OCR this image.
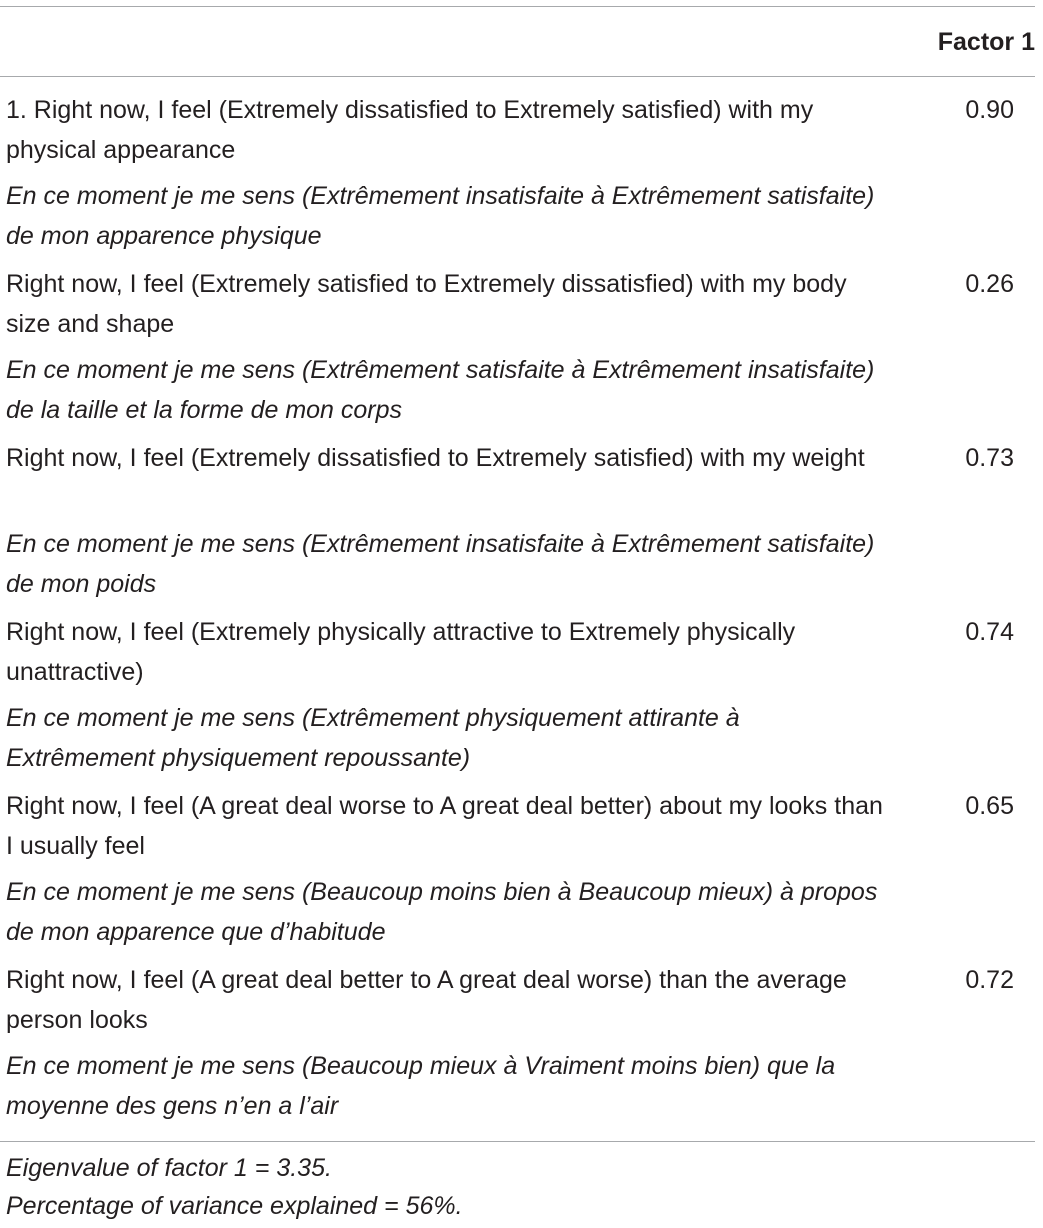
Factor 1
1. Right now, I feel (Extremely dissatisfied to Extremely satisfied) with my physical appearance
En ce moment je me sens (Extrêmement insatisfaite à Extrêmement satisfaite) de mon apparence physique
0.90
Right now, I feel (Extremely satisfied to Extremely dissatisfied) with my body size and shape
En ce moment je me sens (Extrêmement satisfaite à Extrêmement insatisfaite) de la taille et la forme de mon corps
0.26
Right now, I feel (Extremely dissatisfied to Extremely satisfied) with my weight
En ce moment je me sens (Extrêmement insatisfaite à Extrêmement satisfaite) de mon poids
0.73
Right now, I feel (Extremely physically attractive to Extremely physically unattractive)
En ce moment je me sens (Extrêmement physiquement attirante à Extrêmement physiquement repoussante)
0.74
Right now, I feel (A great deal worse to A great deal better) about my looks than I usually feel
En ce moment je me sens (Beaucoup moins bien à Beaucoup mieux) à propos de mon apparence que d’habitude
0.65
Right now, I feel (A great deal better to A great deal worse) than the average person looks
En ce moment je me sens (Beaucoup mieux à Vraiment moins bien) que la moyenne des gens n’en a l’air
0.72
Eigenvalue of factor 1 = 3.35.
Percentage of variance explained = 56%.
